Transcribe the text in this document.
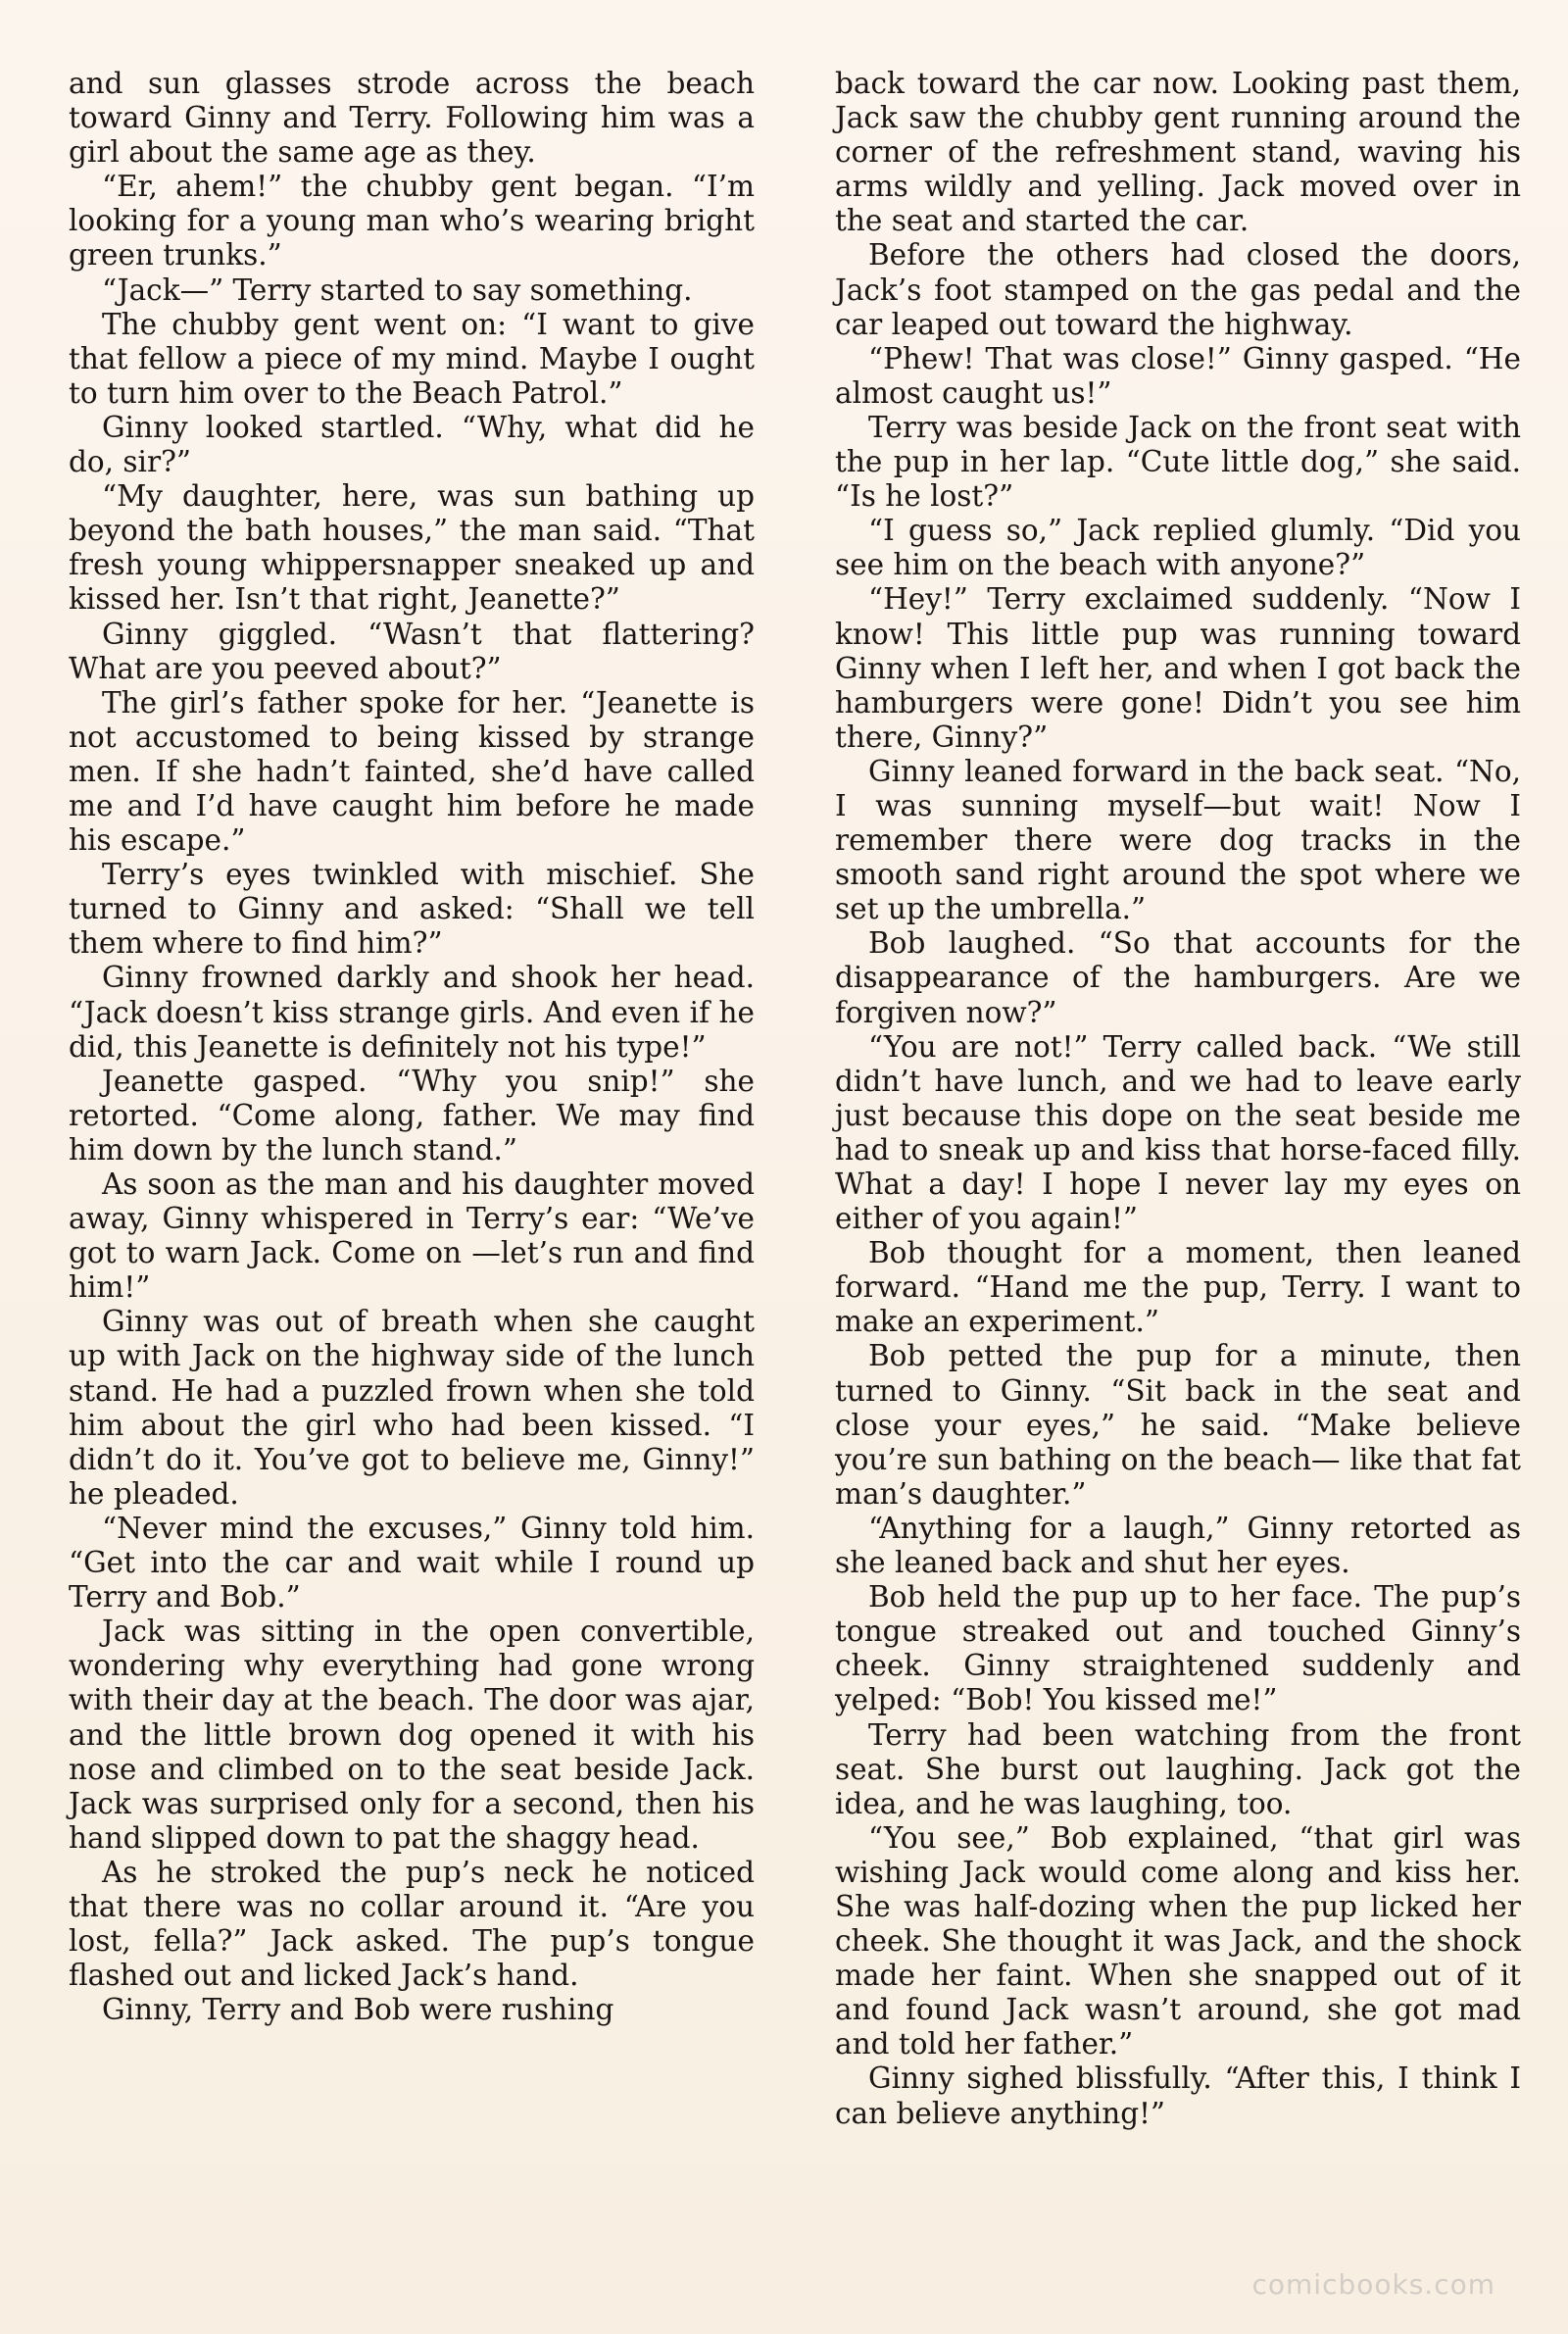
and sun glasses strode across the beach toward Ginny and Terry. Following him was a girl about the same age as they.

“Er, ahem!” the chubby gent began. “I’m looking for a young man who’s wearing bright green trunks.”

“Jack—” Terry started to say something.

The chubby gent went on: “I want to give that fellow a piece of my mind. Maybe I ought to turn him over to the Beach Patrol.”

Ginny looked startled. “Why, what did he do, sir?”

“My daughter, here, was sun bathing up beyond the bath houses,” the man said. “That fresh young whippersnapper sneaked up and kissed her. Isn’t that right, Jeanette?”

Ginny giggled. “Wasn’t that flattering? What are you peeved about?”

The girl’s father spoke for her. “Jeanette is not accustomed to being kissed by strange men. If she hadn’t fainted, she’d have called me and I’d have caught him before he made his escape.”

Terry’s eyes twinkled with mischief. She turned to Ginny and asked: “Shall we tell them where to find him?”

Ginny frowned darkly and shook her head. “Jack doesn’t kiss strange girls. And even if he did, this Jeanette is definitely not his type!”

Jeanette gasped. “Why you snip!” she retorted. “Come along, father. We may find him down by the lunch stand.”

As soon as the man and his daughter moved away, Ginny whispered in Terry’s ear: “We’ve got to warn Jack. Come on —let’s run and find him!”

Ginny was out of breath when she caught up with Jack on the highway side of the lunch stand. He had a puzzled frown when she told him about the girl who had been kissed. “I didn’t do it. You’ve got to believe me, Ginny!” he pleaded.

“Never mind the excuses,” Ginny told him. “Get into the car and wait while I round up Terry and Bob.”

Jack was sitting in the open convertible, wondering why everything had gone wrong with their day at the beach. The door was ajar, and the little brown dog opened it with his nose and climbed on to the seat beside Jack. Jack was surprised only for a second, then his hand slipped down to pat the shaggy head.

As he stroked the pup’s neck he noticed that there was no collar around it. “Are you lost, fella?” Jack asked. The pup’s tongue flashed out and licked Jack’s hand.

Ginny, Terry and Bob were rushing

back toward the car now. Looking past them, Jack saw the chubby gent running around the corner of the refreshment stand, waving his arms wildly and yelling. Jack moved over in the seat and started the car.

Before the others had closed the doors, Jack’s foot stamped on the gas pedal and the car leaped out toward the highway.

“Phew! That was close!” Ginny gasped. “He almost caught us!”

Terry was beside Jack on the front seat with the pup in her lap. “Cute little dog,” she said. “Is he lost?”

“I guess so,” Jack replied glumly. “Did you see him on the beach with anyone?”

“Hey!” Terry exclaimed suddenly. “Now I know! This little pup was running toward Ginny when I left her, and when I got back the hamburgers were gone! Didn’t you see him there, Ginny?”

Ginny leaned forward in the back seat. “No, I was sunning myself—but wait! Now I remember there were dog tracks in the smooth sand right around the spot where we set up the umbrella.”

Bob laughed. “So that accounts for the disappearance of the hamburgers. Are we forgiven now?”

“You are not!” Terry called back. “We still didn’t have lunch, and we had to leave early just because this dope on the seat beside me had to sneak up and kiss that horse-faced filly. What a day! I hope I never lay my eyes on either of you again!”

Bob thought for a moment, then leaned forward. “Hand me the pup, Terry. I want to make an experiment.”

Bob petted the pup for a minute, then turned to Ginny. “Sit back in the seat and close your eyes,” he said. “Make believe you’re sun bathing on the beach— like that fat man’s daughter.”

“Anything for a laugh,” Ginny retorted as she leaned back and shut her eyes.

Bob held the pup up to her face. The pup’s tongue streaked out and touched Ginny’s cheek. Ginny straightened suddenly and yelped: “Bob! You kissed me!”

Terry had been watching from the front seat. She burst out laughing. Jack got the idea, and he was laughing, too.

“You see,” Bob explained, “that girl was wishing Jack would come along and kiss her. She was half-dozing when the pup licked her cheek. She thought it was Jack, and the shock made her faint. When she snapped out of it and found Jack wasn’t around, she got mad and told her father.”

Ginny sighed blissfully. “After this, I think I can believe anything!”

comicbooks.com
